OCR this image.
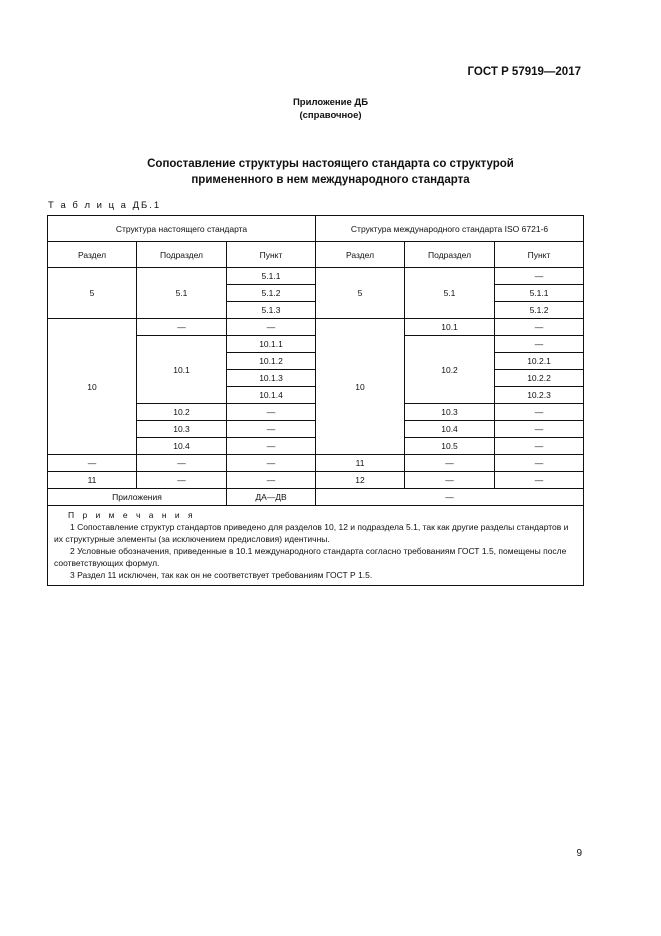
ГОСТ Р 57919—2017
Приложение ДБ
(справочное)
Сопоставление структуры настоящего стандарта со структурой
примененного в нем международного стандарта
Т а б л и ц а ДБ.1
Структура настоящего стандарта			Структура международного стандарта ISO 6721-6		
Раздел	Подраздел	Пункт	Раздел	Подраздел	Пункт
5	5.1	5.1.1	5	5.1	—
		5.1.2			5.1.1
		5.1.3			5.1.2
10	—	—	10	10.1	—
	10.1	10.1.1		10.2	—
		10.1.2			10.2.1
		10.1.3			10.2.2
		10.1.4			10.2.3
	10.2	—		10.3	—
	10.3	—		10.4	—
	10.4	—		10.5	—
—	—	—	11	—	—
11	—	—	12	—	—
Приложения		ДА—ДВ	—		

П р и м е ч а н и я
1 Сопоставление структур стандартов приведено для разделов 10, 12 и подраздела 5.1, так как другие разделы стандартов и их структурные элементы (за исключением предисловия) идентичны.
2 Условные обозначения, приведенные в 10.1 международного стандарта согласно требованиям ГОСТ 1.5, помещены после соответствующих формул.
3 Раздел 11 исключен, так как он не соответствует требованиям ГОСТ Р 1.5.					
9
